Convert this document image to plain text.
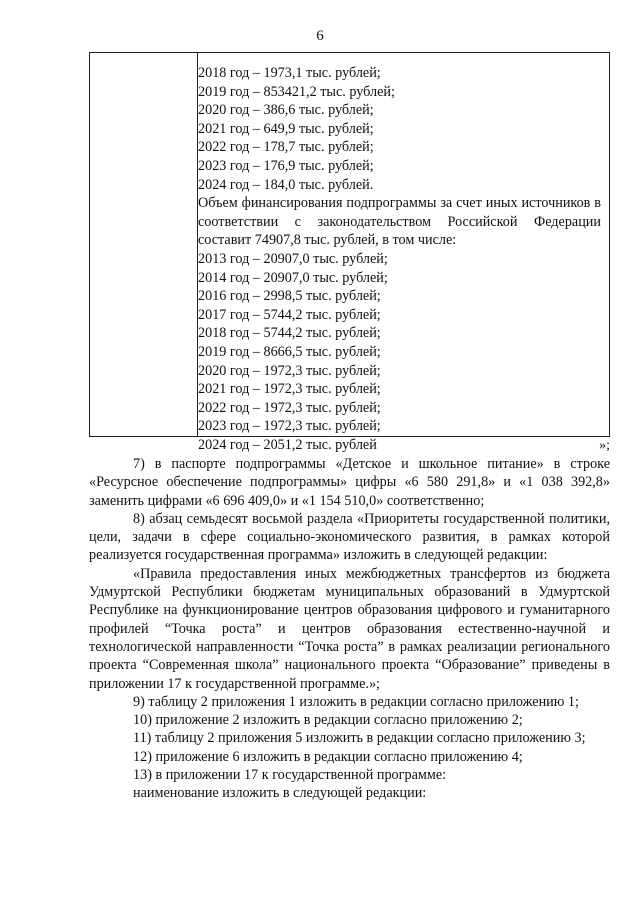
6
2018 год – 1973,1 тыс. рублей;
2019 год – 853421,2 тыс. рублей;
2020 год – 386,6 тыс. рублей;
2021 год – 649,9 тыс. рублей;
2022 год – 178,7 тыс. рублей;
2023 год – 176,9 тыс. рублей;
2024 год – 184,0 тыс. рублей.
Объем финансирования подпрограммы за счет иных источников в соответствии с законодательством Российской Федерации составит 74907,8 тыс. рублей, в том числе:
2013 год – 20907,0 тыс. рублей;
2014 год – 20907,0 тыс. рублей;
2016 год – 2998,5 тыс. рублей;
2017 год – 5744,2 тыс. рублей;
2018 год – 5744,2 тыс. рублей;
2019 год – 8666,5 тыс. рублей;
2020 год – 1972,3 тыс. рублей;
2021 год – 1972,3 тыс. рублей;
2022 год – 1972,3 тыс. рублей;
2023 год – 1972,3 тыс. рублей;
2024 год – 2051,2 тыс. рублей	»;

7) в паспорте подпрограммы «Детское и школьное питание» в строке «Ресурсное обеспечение подпрограммы» цифры «6 580 291,8» и «1 038 392,8» заменить цифрами «6 696 409,0» и «1 154 510,0» соответственно;

8) абзац семьдесят восьмой раздела «Приоритеты государственной политики, цели, задачи в сфере социально-экономического развития, в рамках которой реализуется государственная программа» изложить в следующей редакции:

«Правила предоставления иных межбюджетных трансфертов из бюджета Удмуртской Республики бюджетам муниципальных образований в Удмуртской Республике на функционирование центров образования цифрового и гуманитарного профилей “Точка роста” и центров образования естественно-научной и технологической направленности “Точка роста” в рамках реализации регионального проекта “Современная школа” национального проекта “Образование” приведены в приложении 17 к государственной программе.»;

9) таблицу 2 приложения 1 изложить в редакции согласно приложению 1;

10) приложение 2 изложить в редакции согласно приложению 2;

11) таблицу 2 приложения 5 изложить в редакции согласно приложению 3;

12) приложение 6 изложить в редакции согласно приложению 4;

13) в приложении 17 к государственной программе:

наименование изложить в следующей редакции:
